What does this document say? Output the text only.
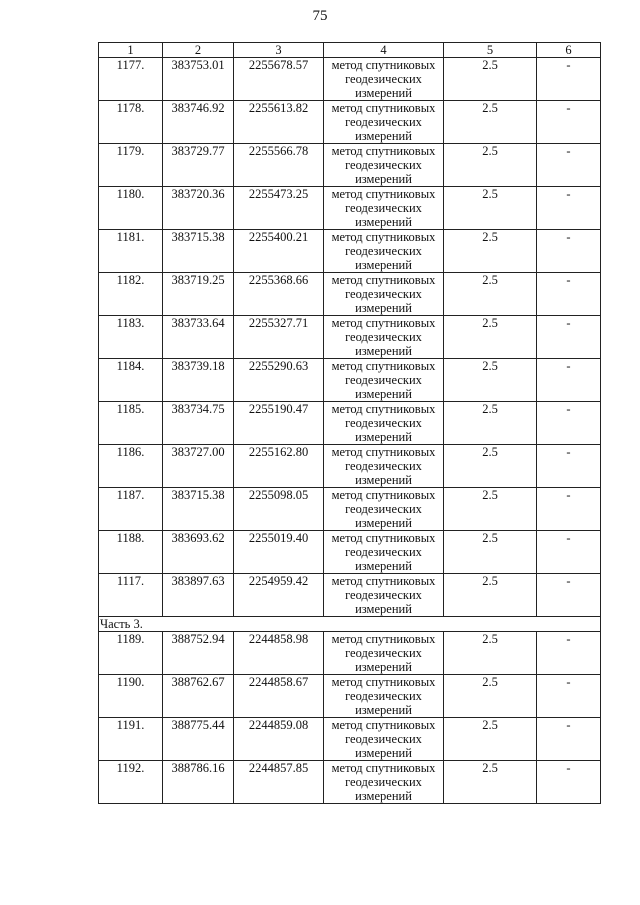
75
1	2	3	4	5	6
1177.	383753.01	2255678.57	метод спутниковых геодезических измерений	2.5	-
1178.	383746.92	2255613.82	метод спутниковых геодезических измерений	2.5	-
1179.	383729.77	2255566.78	метод спутниковых геодезических измерений	2.5	-
1180.	383720.36	2255473.25	метод спутниковых геодезических измерений	2.5	-
1181.	383715.38	2255400.21	метод спутниковых геодезических измерений	2.5	-
1182.	383719.25	2255368.66	метод спутниковых геодезических измерений	2.5	-
1183.	383733.64	2255327.71	метод спутниковых геодезических измерений	2.5	-
1184.	383739.18	2255290.63	метод спутниковых геодезических измерений	2.5	-
1185.	383734.75	2255190.47	метод спутниковых геодезических измерений	2.5	-
1186.	383727.00	2255162.80	метод спутниковых геодезических измерений	2.5	-
1187.	383715.38	2255098.05	метод спутниковых геодезических измерений	2.5	-
1188.	383693.62	2255019.40	метод спутниковых геодезических измерений	2.5	-
1117.	383897.63	2254959.42	метод спутниковых геодезических измерений	2.5	-
Часть 3.					
1189.	388752.94	2244858.98	метод спутниковых геодезических измерений	2.5	-
1190.	388762.67	2244858.67	метод спутниковых геодезических измерений	2.5	-
1191.	388775.44	2244859.08	метод спутниковых геодезических измерений	2.5	-
1192.	388786.16	2244857.85	метод спутниковых геодезических измерений	2.5	-
